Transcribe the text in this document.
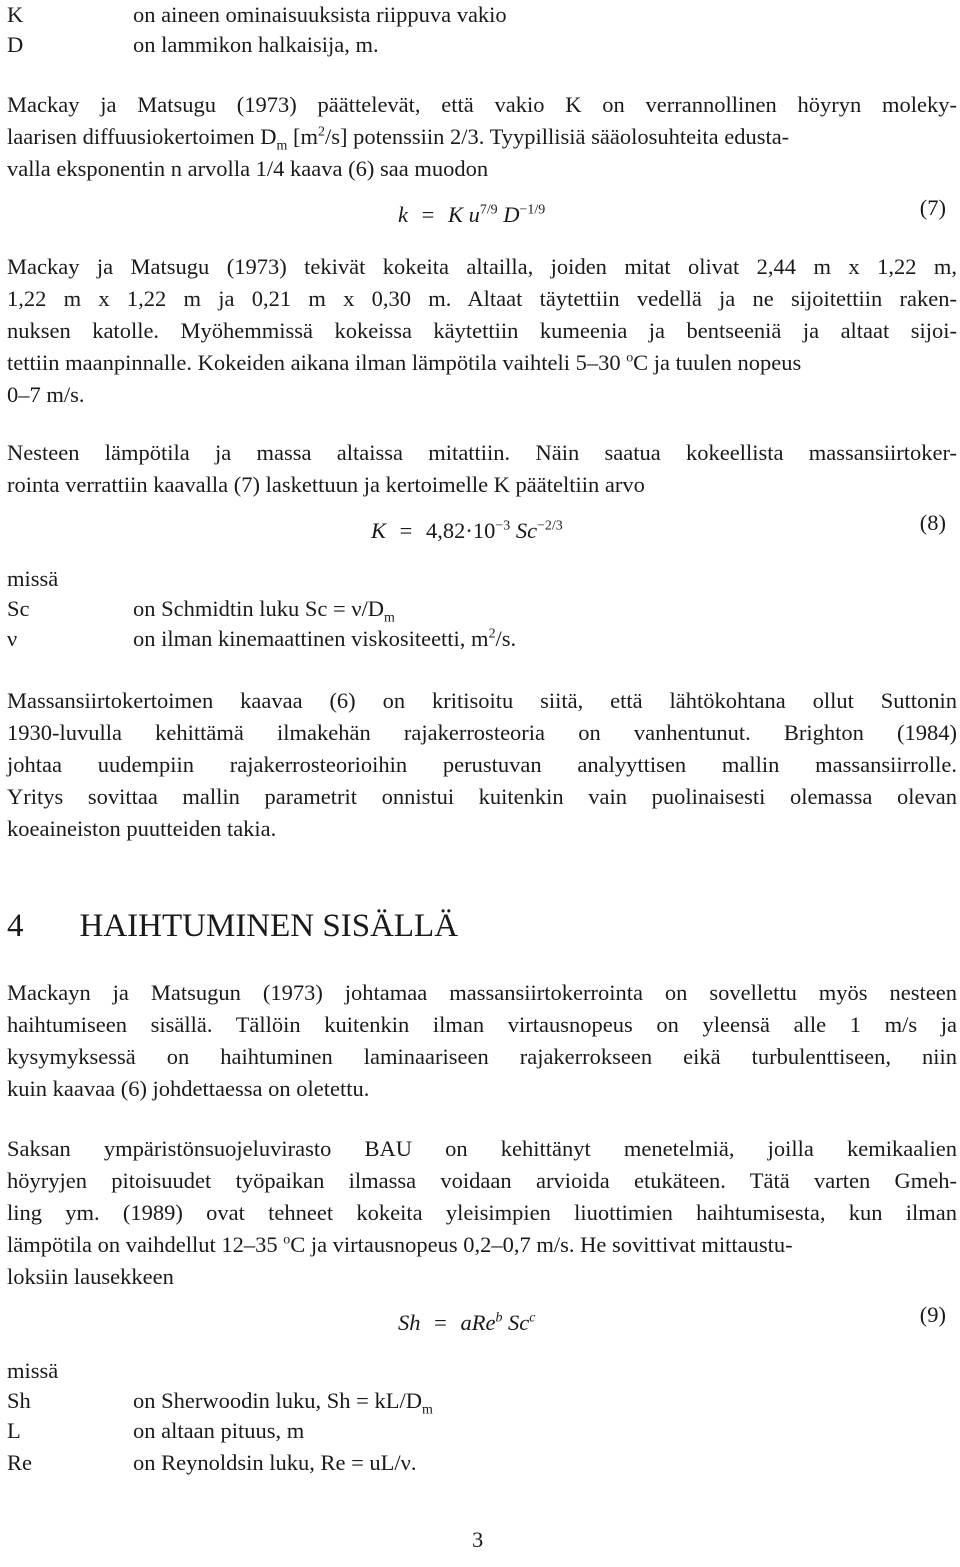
K	on aineen ominaisuuksista riippuva vakio
D	on lammikon halkaisija, m.
Mackay ja Matsugu (1973) päättelevät, että vakio K on verrannollinen höyryn moleky-
laarisen diffuusiokertoimen $D_m$ $[m^2/s]$ potenssiin 2/3. Tyypillisiä sääolosuhteita edusta-
valla eksponentin n arvolla 1/4 kaava (6) saa muodon
k = K $u^{7/9}$ $D^{-1/9}$	(7)
Mackay ja Matsugu (1973) tekivät kokeita altailla, joiden mitat olivat 2,44 m x 1,22 m,
1,22 m x 1,22 m ja 0,21 m x 0,30 m. Altaat täytettiin vedellä ja ne sijoitettiin raken-
nuksen katolle. Myöhemmissä kokeissa käytettiin kumeenia ja bentseeniä ja altaat sijoi-
tettiin maanpinnalle. Kokeiden aikana ilman lämpötila vaihteli 5–30 $^o$C ja tuulen nopeus
0–7 m/s.
Nesteen lämpötila ja massa altaissa mitattiin. Näin saatua kokeellista massansiirtoker-
rointa verrattiin kaavalla (7) laskettuun ja kertoimelle K pääteltiin arvo
$K = 4,82\cdot 10^{-3}$ $Sc^{-2/3}$	(8)
missä
Sc	on Schmidtin luku $Sc = \nu/D_m$
ν	on ilman kinemaattinen viskositeetti, $m^2/s$.
Massansiirtokertoimen kaavaa (6) on kritisoitu siitä, että lähtökohtana ollut Suttonin
1930-luvulla kehittämä ilmakehän rajakerrosteoria on vanhentunut. Brighton (1984)
johtaa uudempiin rajakerrosteorioihin perustuvan analyyttisen mallin massansiirrolle.
Yritys sovittaa mallin parametrit onnistui kuitenkin vain puolinaisesti olemassa olevan
koeaineiston puutteiden takia.
4 HAIHTUMINEN SISÄLLÄ
Mackayn ja Matsugun (1973) johtamaa massansiirtokerrointa on sovellettu myös nesteen
haihtumiseen sisällä. Tällöin kuitenkin ilman virtausnopeus on yleensä alle 1 m/s ja
kysymyksessä on haihtuminen laminaariseen rajakerrokseen eikä turbulenttiseen, niin
kuin kaavaa (6) johdettaessa on oletettu.
Saksan ympäristönsuojeluvirasto BAU on kehittänyt menetelmiä, joilla kemikaalien
höyryjen pitoisuudet työpaikan ilmassa voidaan arvioida etukäteen. Tätä varten Gmeh-
ling ym. (1989) ovat tehneet kokeita yleisimpien liuottimien haihtumisesta, kun ilman
lämpötila on vaihdellut 12–35 $^o$C ja virtausnopeus 0,2–0,7 m/s. He sovittivat mittaustu-
loksiin lausekkeen
Sh = aRe$^b$ Sc$^c$	(9)
missä
Sh	on Sherwoodin luku, $Sh = kL/D_m$
L	on altaan pituus, m
Re	on Reynoldsin luku, Re = uL/ν.
3
